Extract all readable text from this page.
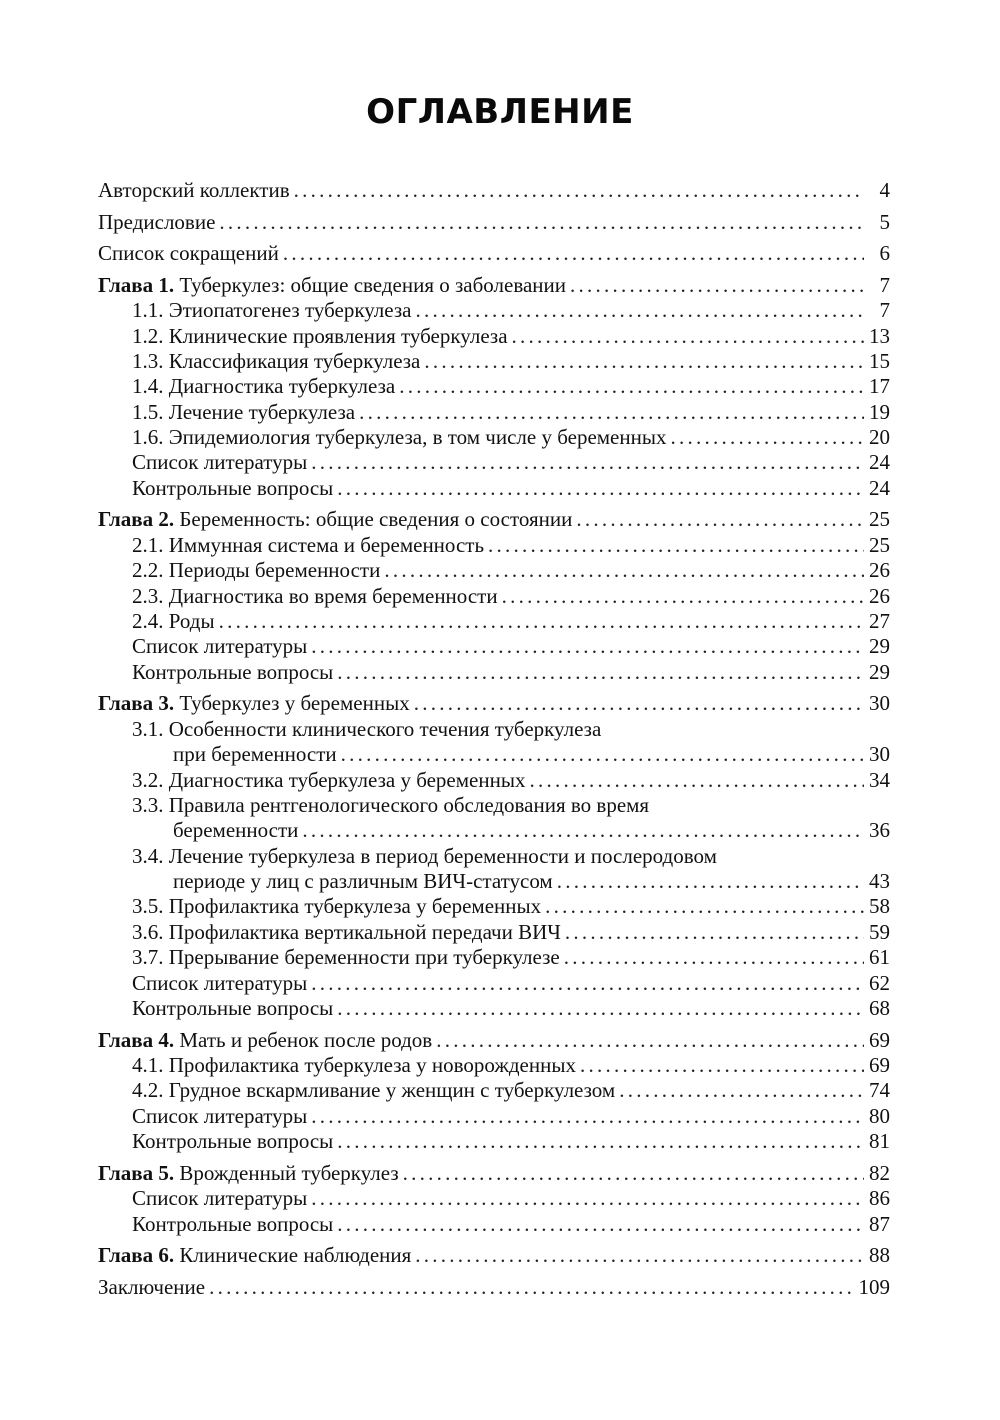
ОГЛАВЛЕНИЕ
Авторский коллектив . . .	4
Предисловие . . .	5
Список сокращений . . .	6
Глава 1. Туберкулез: общие сведения о заболевании . . .	7
1.1. Этиопатогенез туберкулеза . . .	7
1.2. Клинические проявления туберкулеза . . .	13
1.3. Классификация туберкулеза . . .	15
1.4. Диагностика туберкулеза . . .	17
1.5. Лечение туберкулеза . . .	19
1.6. Эпидемиология туберкулеза, в том числе у беременных . . .	20
Список литературы . . .	24
Контрольные вопросы . . .	24
Глава 2. Беременность: общие сведения о состоянии . . .	25
2.1. Иммунная система и беременность . . .	25
2.2. Периоды беременности . . .	26
2.3. Диагностика во время беременности . . .	26
2.4. Роды . . .	27
Список литературы . . .	29
Контрольные вопросы . . .	29
Глава 3. Туберкулез у беременных . . .	30
3.1. Особенности клинического течения туберкулеза
при беременности . . .	30
3.2. Диагностика туберкулеза у беременных . . .	34
3.3. Правила рентгенологического обследования во время
беременности . . .	36
3.4. Лечение туберкулеза в период беременности и послеродовом
периоде у лиц с различным ВИЧ-статусом . . .	43
3.5. Профилактика туберкулеза у беременных . . .	58
3.6. Профилактика вертикальной передачи ВИЧ . . .	59
3.7. Прерывание беременности при туберкулезе . . .	61
Список литературы . . .	62
Контрольные вопросы . . .	68
Глава 4. Мать и ребенок после родов . . .	69
4.1. Профилактика туберкулеза у новорожденных . . .	69
4.2. Грудное вскармливание у женщин с туберкулезом . . .	74
Список литературы . . .	80
Контрольные вопросы . . .	81
Глава 5. Врожденный туберкулез . . .	82
Список литературы . . .	86
Контрольные вопросы . . .	87
Глава 6. Клинические наблюдения . . .	88
Заключение . . .	109
